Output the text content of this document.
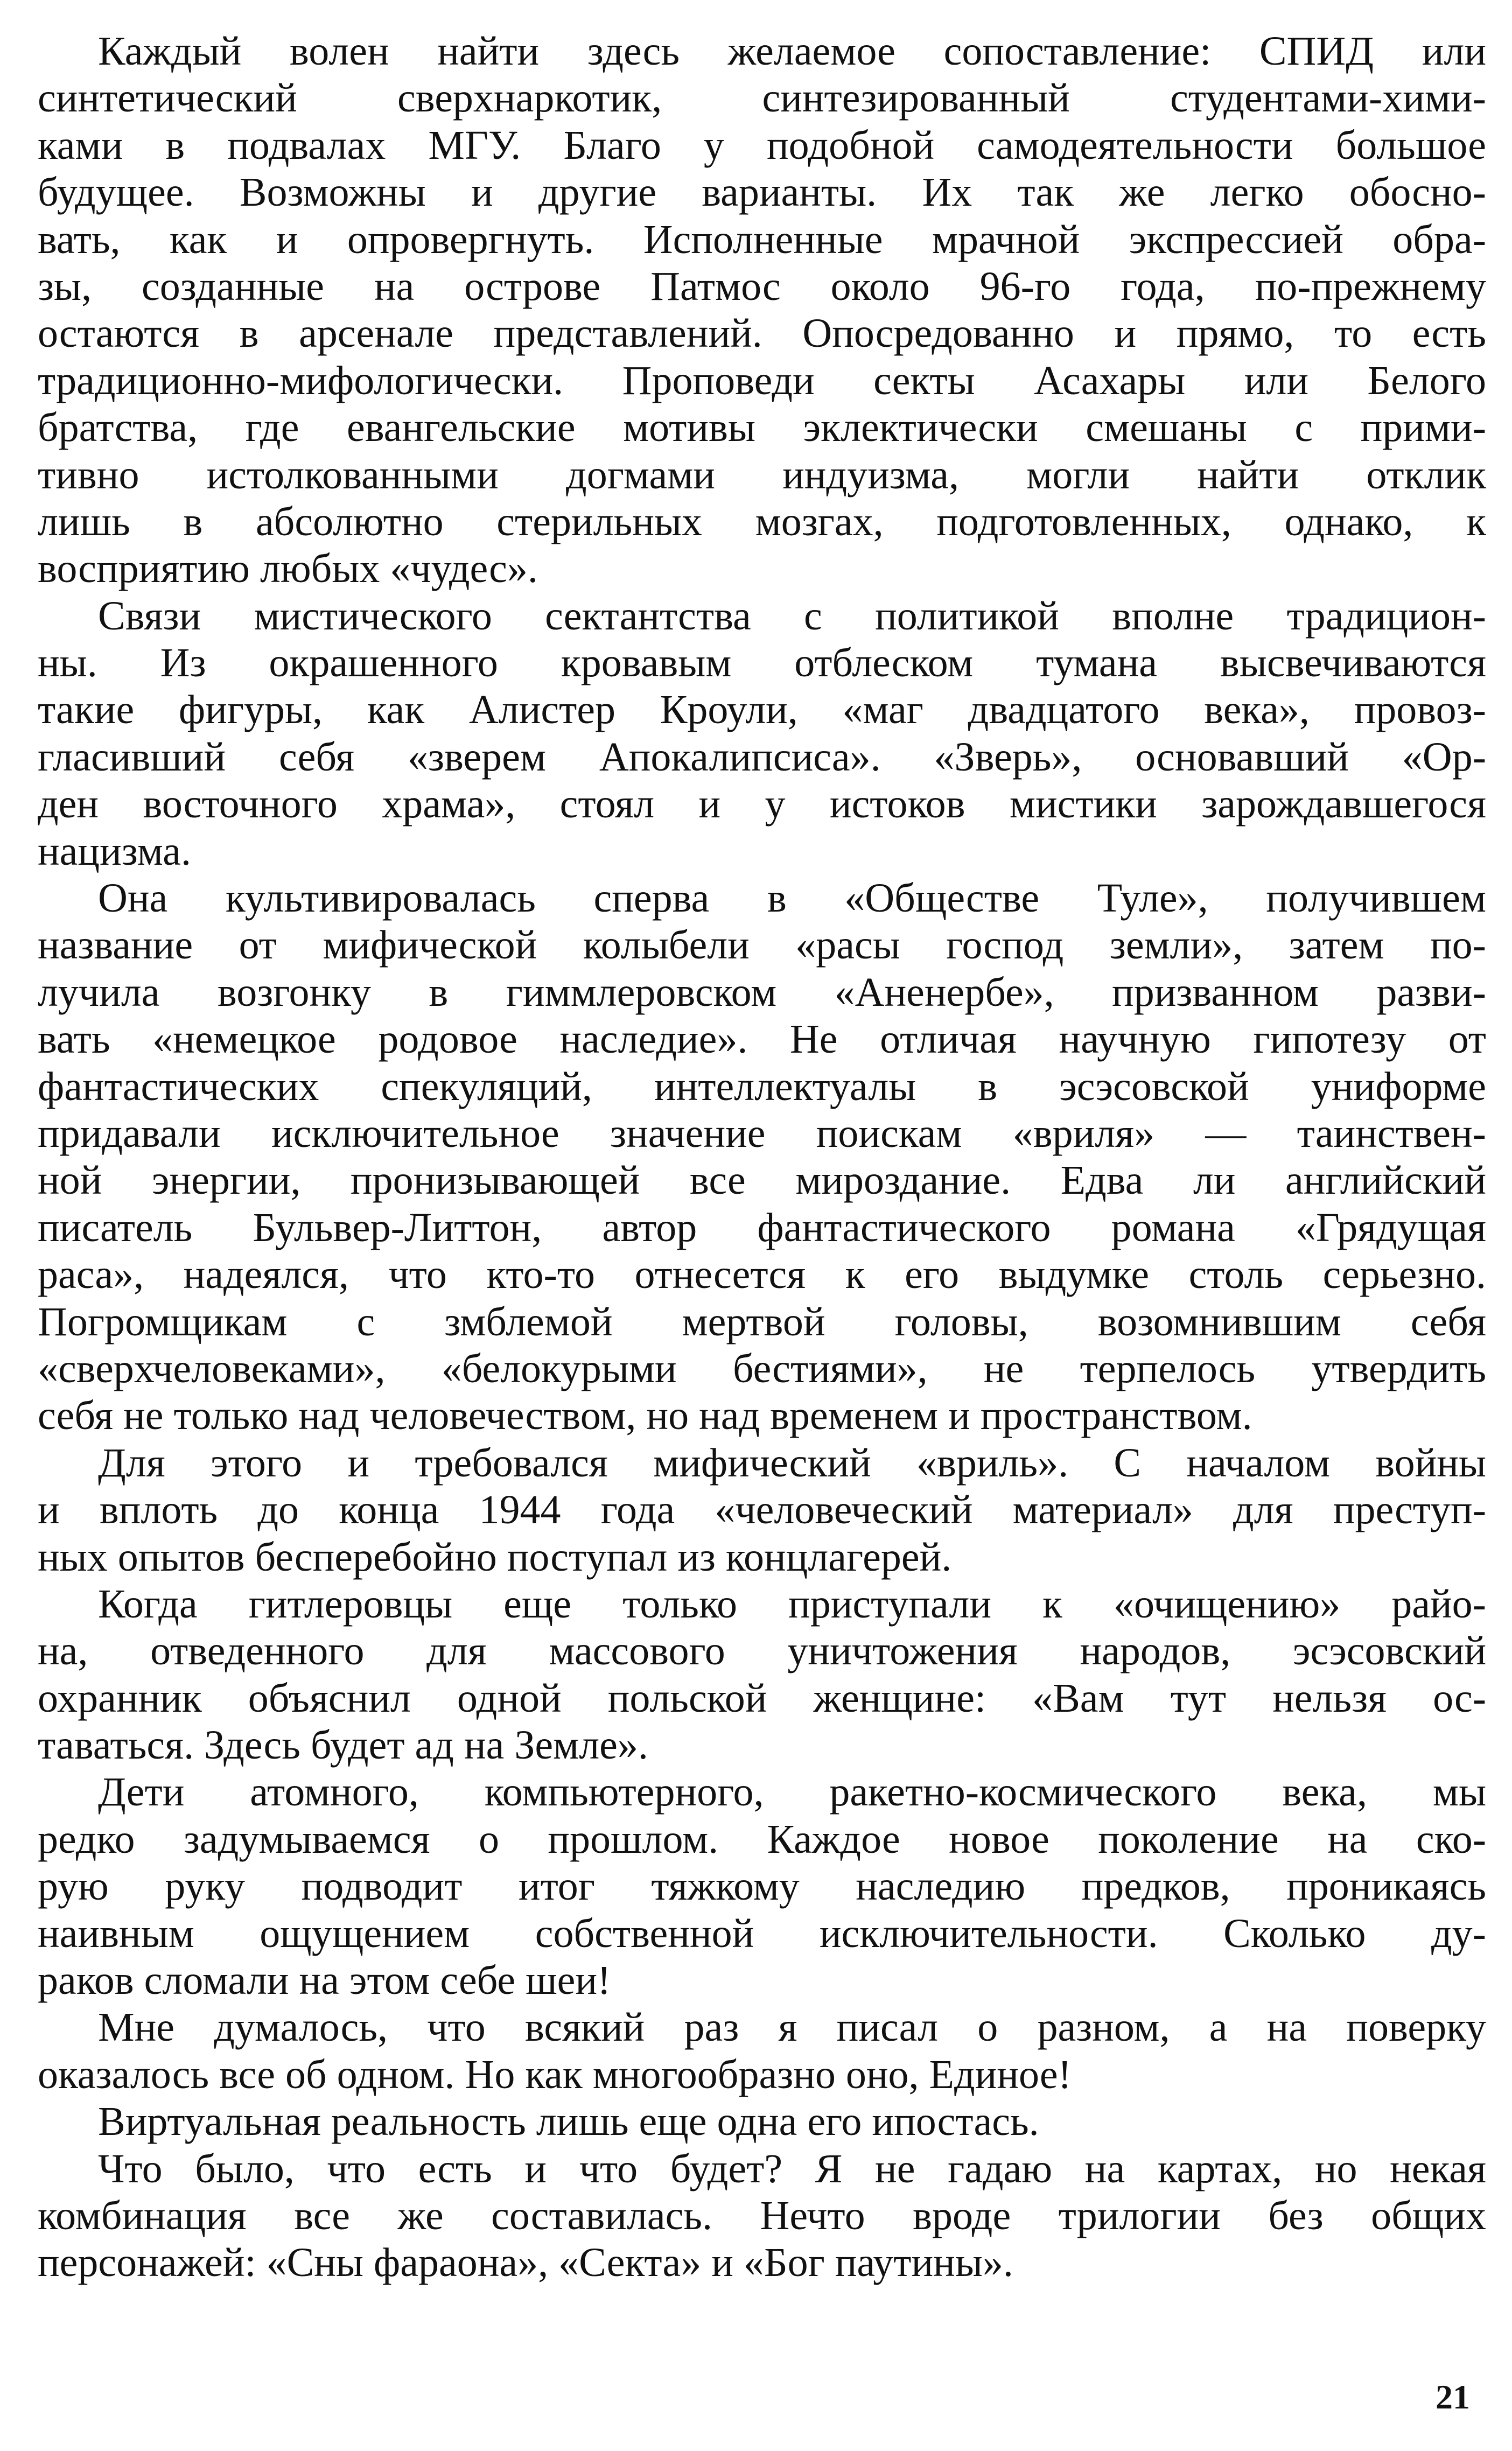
Каждый волен найти здесь желаемое сопоставление: СПИД или
синтетический сверхнаркотик, синтезированный студентами-хими-
ками в подвалах МГУ. Благо у подобной самодеятельности большое
будущее. Возможны и другие варианты. Их так же легко обосно-
вать, как и опровергнуть. Исполненные мрачной экспрессией обра-
зы, созданные на острове Патмос около 96-го года, по-прежнему
остаются в арсенале представлений. Опосредованно и прямо, то есть
традиционно-мифологически. Проповеди секты Асахары или Белого
братства, где евангельские мотивы эклектически смешаны с прими-
тивно истолкованными догмами индуизма, могли найти отклик
лишь в абсолютно стерильных мозгах, подготовленных, однако, к
восприятию любых «чудес».
Связи мистического сектантства с политикой вполне традицион-
ны. Из окрашенного кровавым отблеском тумана высвечиваются
такие фигуры, как Алистер Кроули, «маг двадцатого века», провоз-
гласивший себя «зверем Апокалипсиса». «Зверь», основавший «Ор-
ден восточного храма», стоял и у истоков мистики зарождавшегося
нацизма.
Она культивировалась сперва в «Обществе Туле», получившем
название от мифической колыбели «расы господ земли», затем по-
лучила возгонку в гиммлеровском «Аненербе», призванном разви-
вать «немецкое родовое наследие». Не отличая научную гипотезу от
фантастических спекуляций, интеллектуалы в эсэсовской униформе
придавали исключительное значение поискам «вриля» — таинствен-
ной энергии, пронизывающей все мироздание. Едва ли английский
писатель Бульвер-Литтон, автор фантастического романа «Грядущая
раса», надеялся, что кто-то отнесется к его выдумке столь серьезно.
Погромщикам с змблемой мертвой головы, возомнившим себя
«сверхчеловеками», «белокурыми бестиями», не терпелось утвердить
себя не только над человечеством, но над временем и пространством.
Для этого и требовался мифический «вриль». С началом войны
и вплоть до конца 1944 года «человеческий материал» для преступ-
ных опытов бесперебойно поступал из концлагерей.
Когда гитлеровцы еще только приступали к «очищению» райо-
на, отведенного для массового уничтожения народов, эсэсовский
охранник объяснил одной польской женщине: «Вам тут нельзя ос-
таваться. Здесь будет ад на Земле».
Дети атомного, компьютерного, ракетно-космического века, мы
редко задумываемся о прошлом. Каждое новое поколение на ско-
рую руку подводит итог тяжкому наследию предков, проникаясь
наивным ощущением собственной исключительности. Сколько ду-
раков сломали на этом себе шеи!
Мне думалось, что всякий раз я писал о разном, а на поверку
оказалось все об одном. Но как многообразно оно, Единое!
Виртуальная реальность лишь еще одна его ипостась.
Что было, что есть и что будет? Я не гадаю на картах, но некая
комбинация все же составилась. Нечто вроде трилогии без общих
персонажей: «Сны фараона», «Секта» и «Бог паутины».
21
